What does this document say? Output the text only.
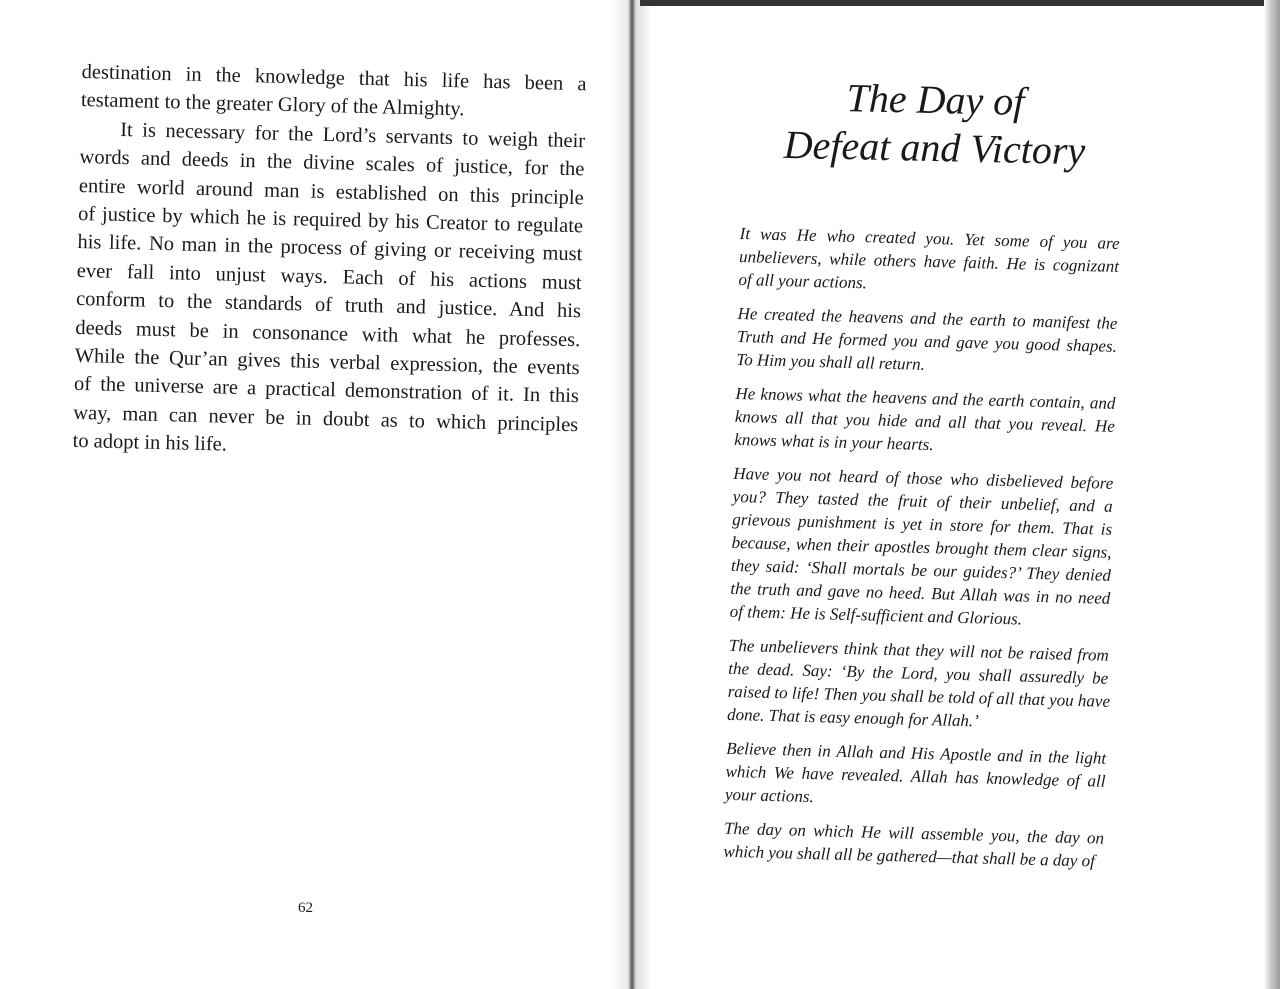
destination in the knowledge that his life has been a
testament to the greater Glory of the Almighty.
It is necessary for the Lord’s servants to weigh their
words and deeds in the divine scales of justice, for the
entire world around man is established on this principle
of justice by which he is required by his Creator to regulate
his life. No man in the process of giving or receiving must
ever fall into unjust ways. Each of his actions must
conform to the standards of truth and justice. And his
deeds must be in consonance with what he professes.
While the Qur’an gives this verbal expression, the events
of the universe are a practical demonstration of it. In this
way, man can never be in doubt as to which principles
to adopt in his life.
62
The Day of
Defeat and Victory
It was He who created you. Yet some of you are
unbelievers, while others have faith. He is cognizant
of all your actions.
He created the heavens and the earth to manifest the
Truth and He formed you and gave you good shapes.
To Him you shall all return.
He knows what the heavens and the earth contain, and
knows all that you hide and all that you reveal. He
knows what is in your hearts.
Have you not heard of those who disbelieved before
you? They tasted the fruit of their unbelief, and a
grievous punishment is yet in store for them. That is
because, when their apostles brought them clear signs,
they said: ‘Shall mortals be our guides?’ They denied
the truth and gave no heed. But Allah was in no need
of them: He is Self-sufficient and Glorious.
The unbelievers think that they will not be raised from
the dead. Say: ‘By the Lord, you shall assuredly be
raised to life! Then you shall be told of all that you have
done. That is easy enough for Allah.’
Believe then in Allah and His Apostle and in the light
which We have revealed. Allah has knowledge of all
your actions.
The day on which He will assemble you, the day on
which you shall all be gathered—that shall be a day of
